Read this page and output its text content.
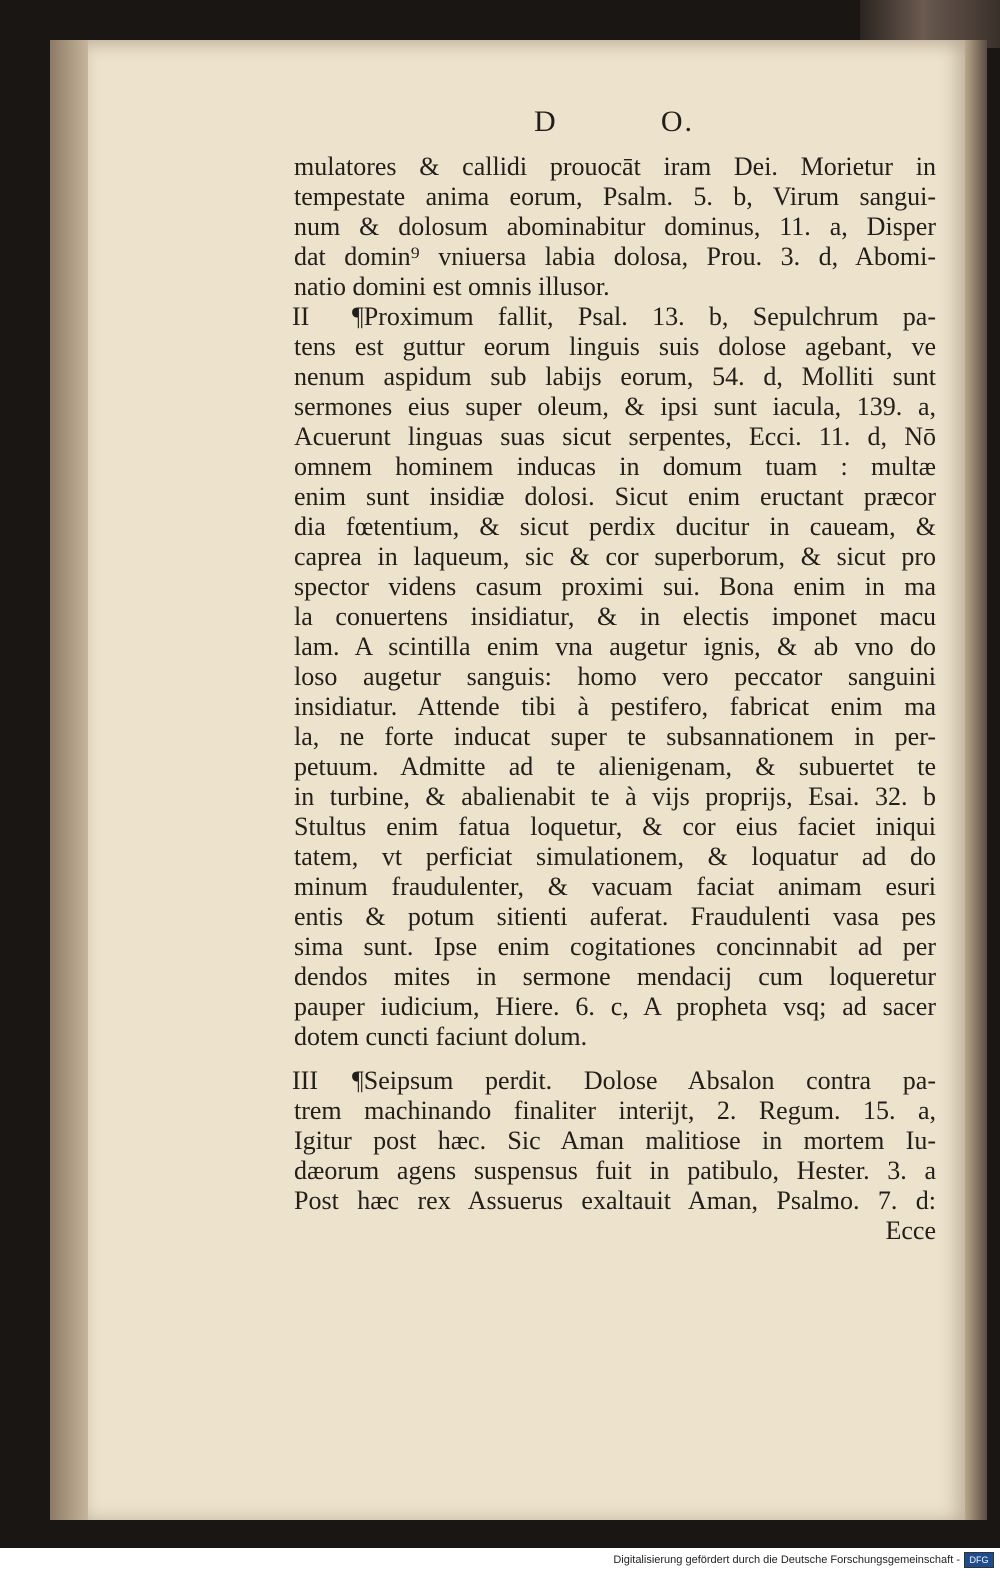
D	O.
mulatores & callidi prouocāt iram Dei. Morietur in
tempestate anima eorum, Psalm. 5. b, Virum sangui-
num & dolosum abominabitur dominus, 11. a, Disper
dat domin⁹ vniuersa labia dolosa, Prou. 3. d, Abomi-
natio domini est omnis illusor.
II	¶Proximum fallit, Psal. 13. b, Sepulchrum pa-
tens est guttur eorum linguis suis dolose agebant, ve
nenum aspidum sub labijs eorum, 54. d, Molliti sunt
sermones eius super oleum, & ipsi sunt iacula, 139. a,
Acuerunt linguas suas sicut serpentes, Ecci. 11. d, Nō
omnem hominem inducas in domum tuam : multæ
enim sunt insidiæ dolosi. Sicut enim eructant præcor
dia fœtentium, & sicut perdix ducitur in caueam, &
caprea in laqueum, sic & cor superborum, & sicut pro
spector videns casum proximi sui. Bona enim in ma
la conuertens insidiatur, & in electis imponet macu
lam. A scintilla enim vna augetur ignis, & ab vno do
loso augetur sanguis: homo vero peccator sanguini
insidiatur. Attende tibi à pestifero, fabricat enim ma
la, ne forte inducat super te subsannationem in per-
petuum. Admitte ad te alienigenam, & subuertet te
in turbine, & abalienabit te à vijs proprijs, Esai. 32. b
Stultus enim fatua loquetur, & cor eius faciet iniqui
tatem, vt perficiat simulationem, & loquatur ad do
minum fraudulenter, & vacuam faciat animam esuri
entis & potum sitienti auferat. Fraudulenti vasa pes
sima sunt. Ipse enim cogitationes concinnabit ad per
dendos mites in sermone mendacij cum loqueretur
pauper iudicium, Hiere. 6. c, A propheta vsq; ad sacer
dotem cuncti faciunt dolum.
III	¶Seipsum perdit. Dolose Absalon contra pa-
trem machinando finaliter interijt, 2. Regum. 15. a,
Igitur post hæc. Sic Aman malitiose in mortem Iu-
dæorum agens suspensus fuit in patibulo, Hester. 3. a
Post hæc rex Assuerus exaltauit Aman, Psalmo. 7. d:
Ecce
Digitalisierung gefördert durch die Deutsche Forschungsgemeinschaft -	DFG
